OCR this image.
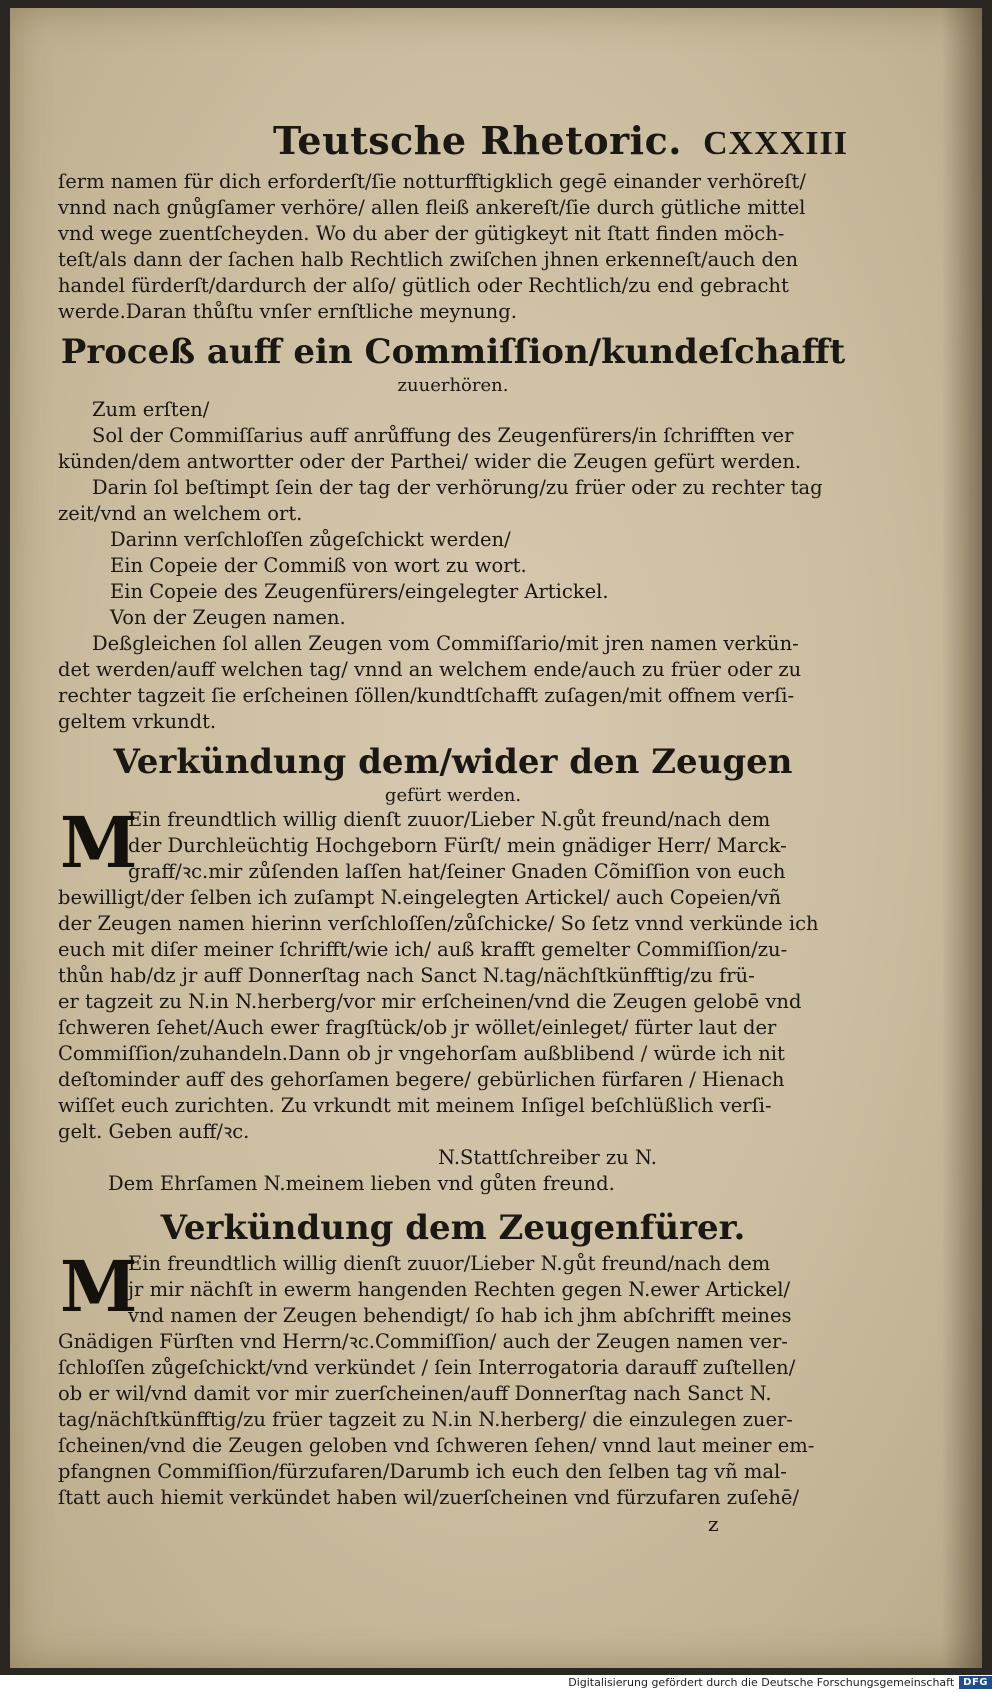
Teutsche Rhetoric. CXXXIII
ſerm namen für dich erforderſt/ſie notturfftigklich gegē einander verhöreſt/
vnnd nach gnůgſamer verhöre/ allen fleiß ankereſt/ſie durch gütliche mittel
vnd wege zuentſcheyden. Wo du aber der gütigkeyt nit ſtatt finden möch-
teſt/als dann der ſachen halb Rechtlich zwiſchen jhnen erkenneſt/auch den
handel fürderſt/dardurch der alſo/ gütlich oder Rechtlich/zu end gebracht
werde.Daran thůſtu vnſer ernſtliche meynung.
Proceß auff ein Commiſſion/kundeſchafft
zuuerhören.
Zum erſten/
Sol der Commiſſarius auff anrůffung des Zeugenfürers/in ſchrifften ver
künden/dem antwortter oder der Parthei/ wider die Zeugen gefürt werden.
Darin ſol beſtimpt ſein der tag der verhörung/zu früer oder zu rechter tag
zeit/vnd an welchem ort.
Darinn verſchloſſen zůgeſchickt werden/
Ein Copeie der Commiß von wort zu wort.
Ein Copeie des Zeugenfürers/eingelegter Artickel.
Von der Zeugen namen.
Deßgleichen ſol allen Zeugen vom Commiſſario/mit jren namen verkün-
det werden/auff welchen tag/ vnnd an welchem ende/auch zu früer oder zu
rechter tagzeit ſie erſcheinen ſöllen/kundtſchafft zuſagen/mit offnem verſi-
geltem vrkundt.
Verkündung dem/wider den Zeugen
gefürt werden.
M
Ein freundtlich willig dienſt zuuor/Lieber N.gůt freund/nach dem
der Durchleüchtig Hochgeborn Fürſt/ mein gnädiger Herr/ Marck-
graff/ꝛc.mir zůſenden laſſen hat/ſeiner Gnaden Cõmiſſion von euch
bewilligt/der ſelben ich zuſampt N.eingelegten Artickel/ auch Copeien/vñ
der Zeugen namen hierinn verſchloſſen/zůſchicke/ So ſetz vnnd verkünde ich
euch mit diſer meiner ſchrifft/wie ich/ auß krafft gemelter Commiſſion/zu-
thůn hab/dz jr auff Donnerſtag nach Sanct N.tag/nächſtkünfftig/zu frü-
er tagzeit zu N.in N.herberg/vor mir erſcheinen/vnd die Zeugen gelobē vnd
ſchweren ſehet/Auch ewer fragſtück/ob jr wöllet/einleget/ fürter laut der
Commiſſion/zuhandeln.Dann ob jr vngehorſam außblibend / würde ich nit
deſtominder auff des gehorſamen begere/ gebürlichen fürfaren / Hienach
wiſſet euch zurichten. Zu vrkundt mit meinem Inſigel beſchlüßlich verſi-
gelt. Geben auff/ꝛc.
N.Stattſchreiber zu N.
Dem Ehrſamen N.meinem lieben vnd gůten freund.
Verkündung dem Zeugenfürer.
M
Ein freundtlich willig dienſt zuuor/Lieber N.gůt freund/nach dem
jr mir nächſt in ewerm hangenden Rechten gegen N.ewer Artickel/
vnd namen der Zeugen behendigt/ ſo hab ich jhm abſchrifft meines
Gnädigen Fürſten vnd Herrn/ꝛc.Commiſſion/ auch der Zeugen namen ver-
ſchloſſen zůgeſchickt/vnd verkündet / ſein Interrogatoria darauff zuſtellen/
ob er wil/vnd damit vor mir zuerſcheinen/auff Donnerſtag nach Sanct N.
tag/nächſtkünfftig/zu früer tagzeit zu N.in N.herberg/ die einzulegen zuer-
ſcheinen/vnd die Zeugen geloben vnd ſchweren ſehen/ vnnd laut meiner em-
pfangnen Commiſſion/fürzufaren/Darumb ich euch den ſelben tag vñ mal-
ſtatt auch hiemit verkündet haben wil/zuerſcheinen vnd fürzufaren zuſehē/
z
Digitalisierung gefördert durch die Deutsche Forschungsgemeinschaft DFG
